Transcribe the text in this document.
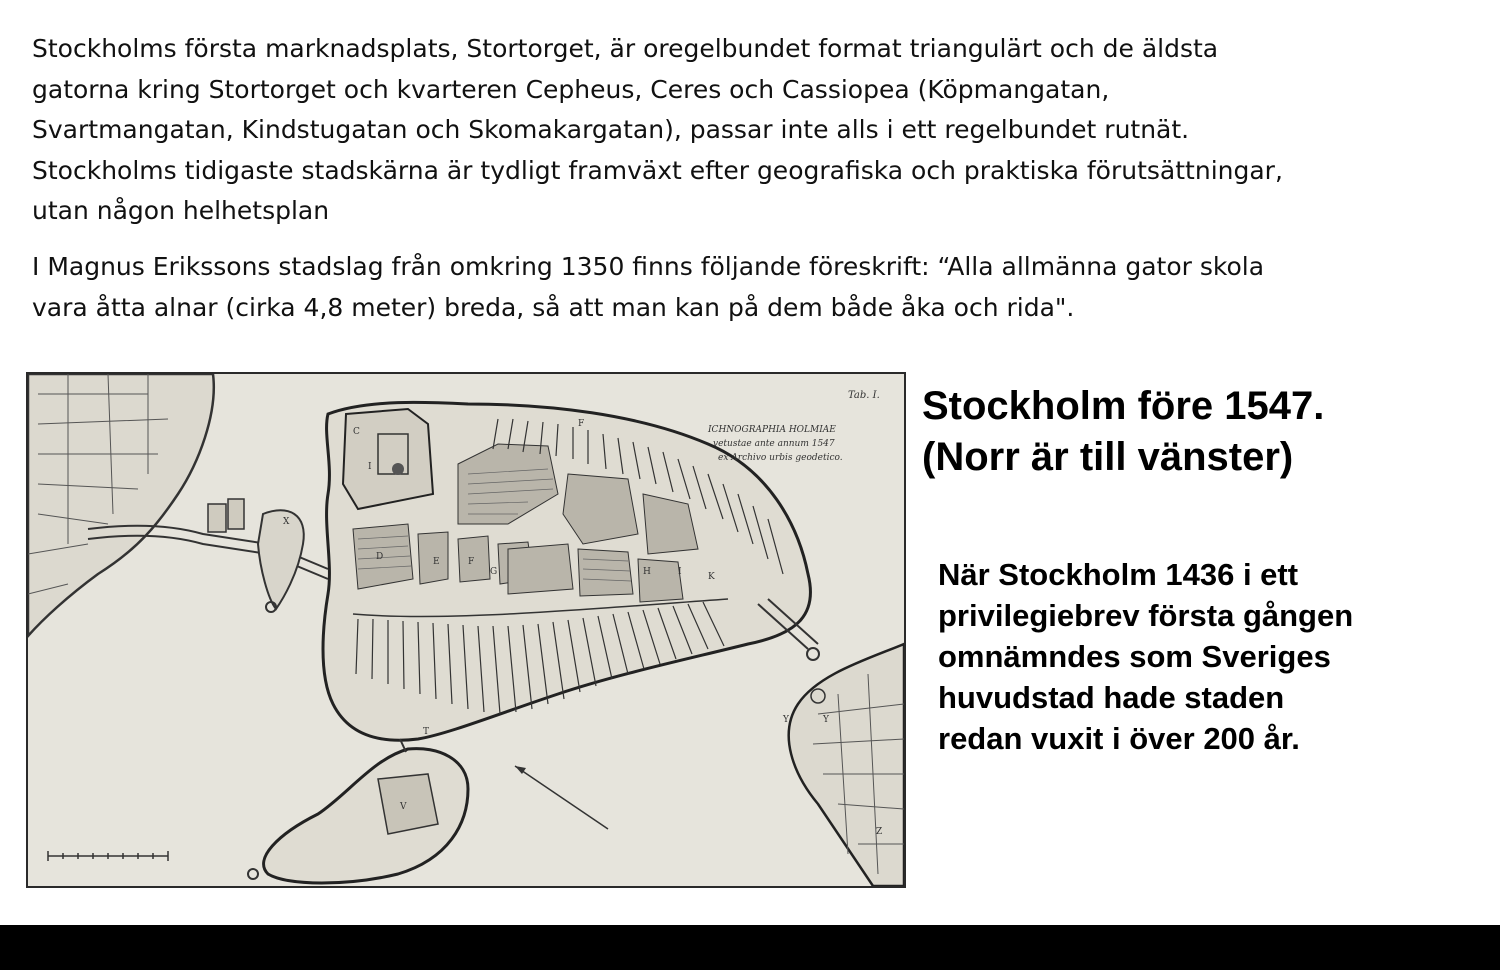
Stockholms första marknadsplats, Stortorget, är oregelbundet format triangulärt och de äldsta
gatorna kring Stortorget och kvarteren Cepheus, Ceres och Cassiopea (Köpmangatan,
Svartmangatan, Kindstugatan och Skomakargatan), passar inte alls i ett regelbundet rutnät.
Stockholms tidigaste stadskärna är tydligt framväxt efter geografiska och praktiska förutsättningar,
utan någon helhetsplan

I Magnus Erikssons stadslag från omkring 1350 finns följande föreskrift: “Alla allmänna gator skola
vara åtta alnar (cirka 4,8 meter) breda, så att man kan på dem både åka och rida".

I
C
D	E	F
G	H	I	K
X
T
F
Y	Y
Z
V
Tab. I.
ICHNOGRAPHIA HOLMIAE
vetustae ante annum 1547
ex Archivo urbis geodetico.
Stockholm före 1547.
(Norr är till vänster)

När Stockholm 1436 i ett
privilegiebrev första gången
omnämndes som Sveriges
huvudstad hade staden
redan vuxit i över 200 år.
